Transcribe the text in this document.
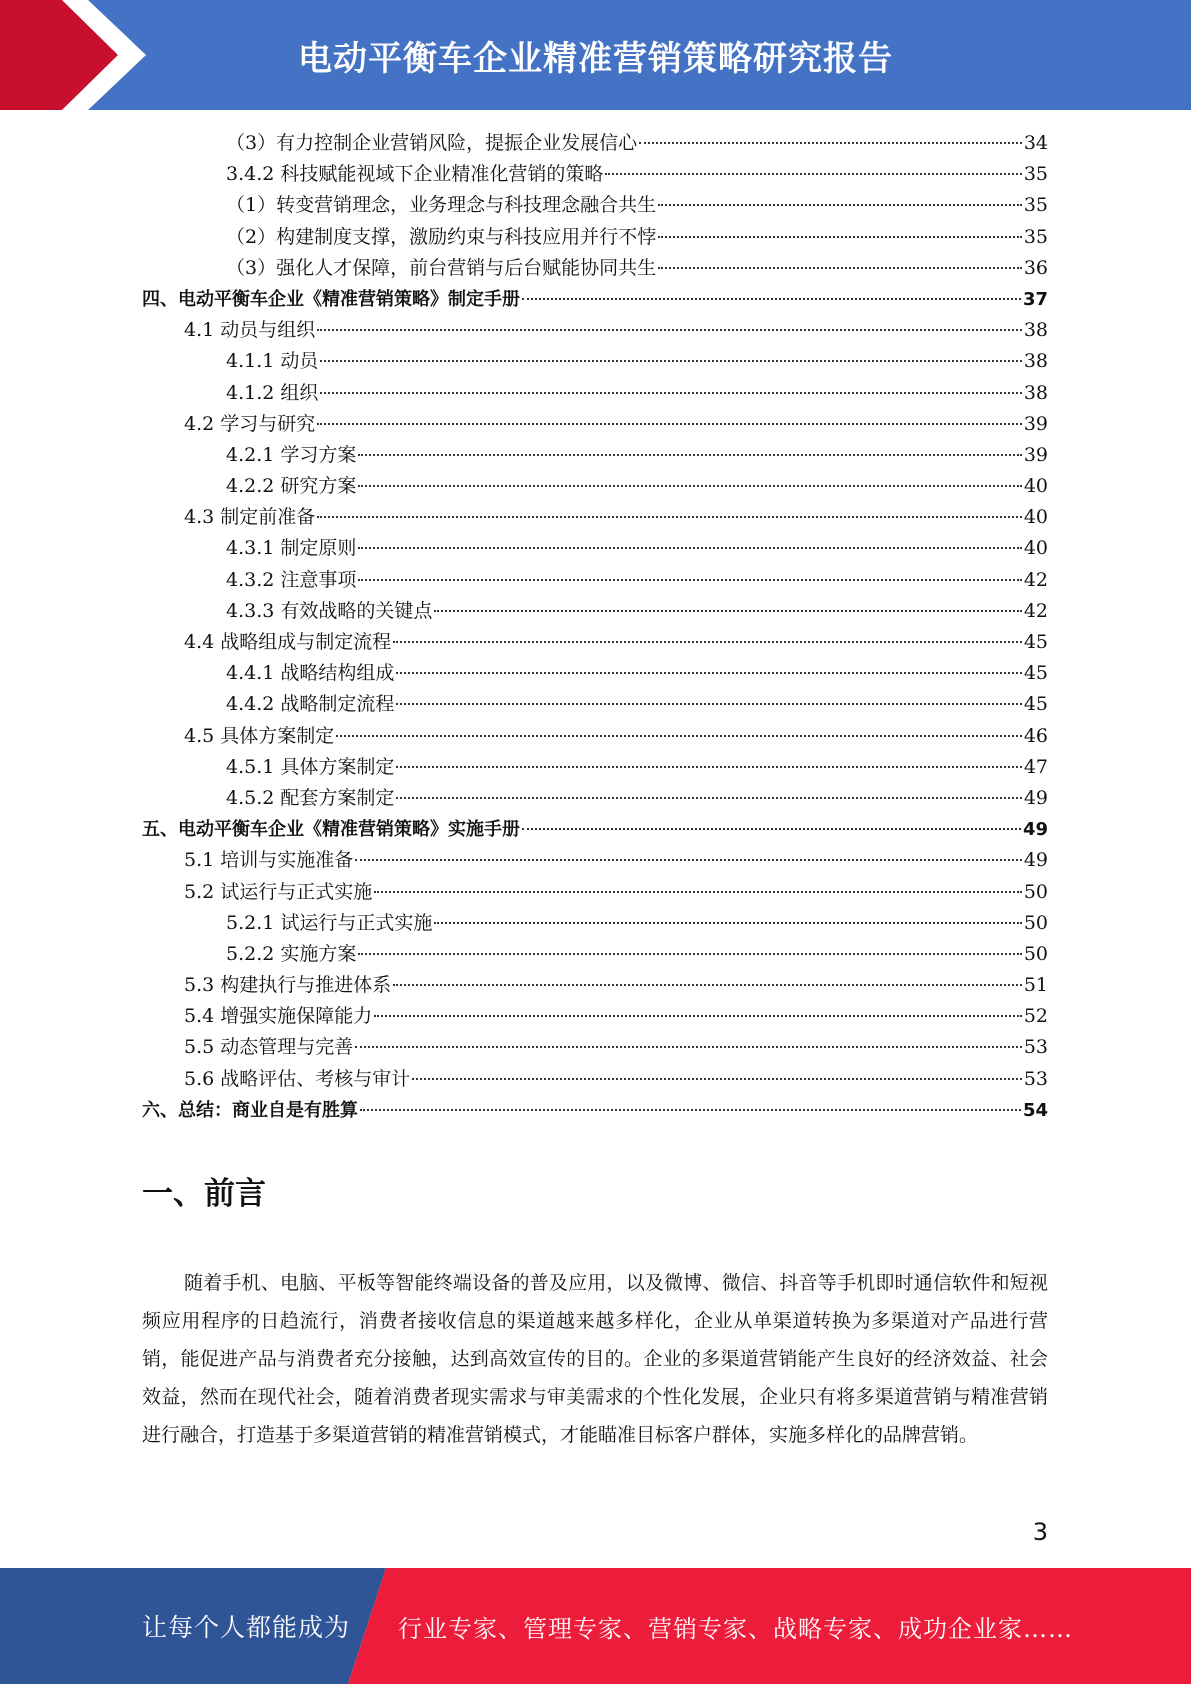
电动平衡车企业精准营销策略研究报告
（3）有力控制企业营销风险，提振企业发展信心	34
3.4.2 科技赋能视域下企业精准化营销的策略	35
（1）转变营销理念，业务理念与科技理念融合共生	35
（2）构建制度支撑，激励约束与科技应用并行不悖	35
（3）强化人才保障，前台营销与后台赋能协同共生	36
四、电动平衡车企业《精准营销策略》制定手册	37
4.1 动员与组织	38
4.1.1 动员	38
4.1.2 组织	38
4.2 学习与研究	39
4.2.1 学习方案	39
4.2.2 研究方案	40
4.3 制定前准备	40
4.3.1 制定原则	40
4.3.2 注意事项	42
4.3.3 有效战略的关键点	42
4.4 战略组成与制定流程	45
4.4.1 战略结构组成	45
4.4.2 战略制定流程	45
4.5 具体方案制定	46
4.5.1 具体方案制定	47
4.5.2 配套方案制定	49
五、电动平衡车企业《精准营销策略》实施手册	49
5.1 培训与实施准备	49
5.2 试运行与正式实施	50
5.2.1 试运行与正式实施	50
5.2.2 实施方案	50
5.3 构建执行与推进体系	51
5.4 增强实施保障能力	52
5.5 动态管理与完善	53
5.6 战略评估、考核与审计	53
六、总结：商业自是有胜算	54
一、前言
随着手机、电脑、平板等智能终端设备的普及应用，以及微博、微信、抖音等手机即时通信软件和短视频应用程序的日趋流行，消费者接收信息的渠道越来越多样化，企业从单渠道转换为多渠道对产品进行营销，能促进产品与消费者充分接触，达到高效宣传的目的。企业的多渠道营销能产生良好的经济效益、社会效益，然而在现代社会，随着消费者现实需求与审美需求的个性化发展，企业只有将多渠道营销与精准营销进行融合，打造基于多渠道营销的精准营销模式，才能瞄准目标客户群体，实施多样化的品牌营销。
3
让每个人都能成为 行业专家、管理专家、营销专家、战略专家、成功企业家……
